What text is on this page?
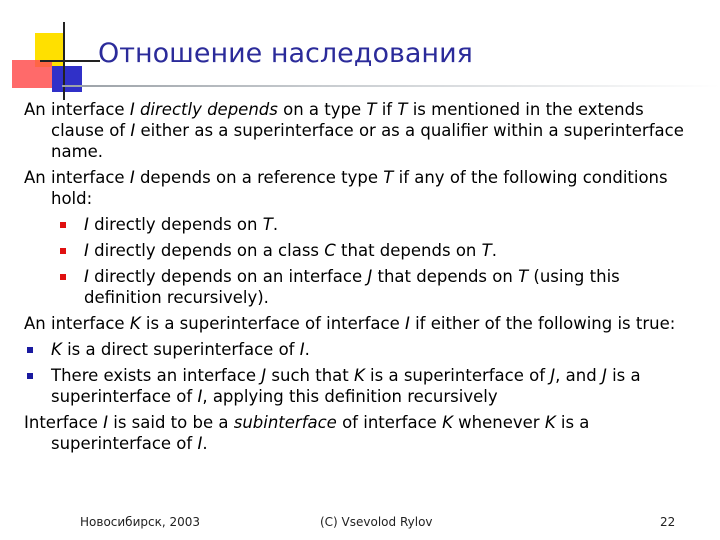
Отношение наследования

An interface I directly depends on a type T if T is mentioned in the extends clause of I either as a superinterface or as a qualifier within a superinterface name.

An interface I depends on a reference type T if any of the following conditions hold:

I directly depends on T.

I directly depends on a class C that depends on T.

I directly depends on an interface J that depends on T (using this definition recursively).

An interface K is a superinterface of interface I if either of the following is true:

K is a direct superinterface of I.

There exists an interface J such that K is a superinterface of J, and J is a superinterface of I, applying this definition recursively

Interface I is said to be a subinterface of interface K whenever K is a superinterface of I.

Новосибирск, 2003	(C) Vsevolod Rylov	22
